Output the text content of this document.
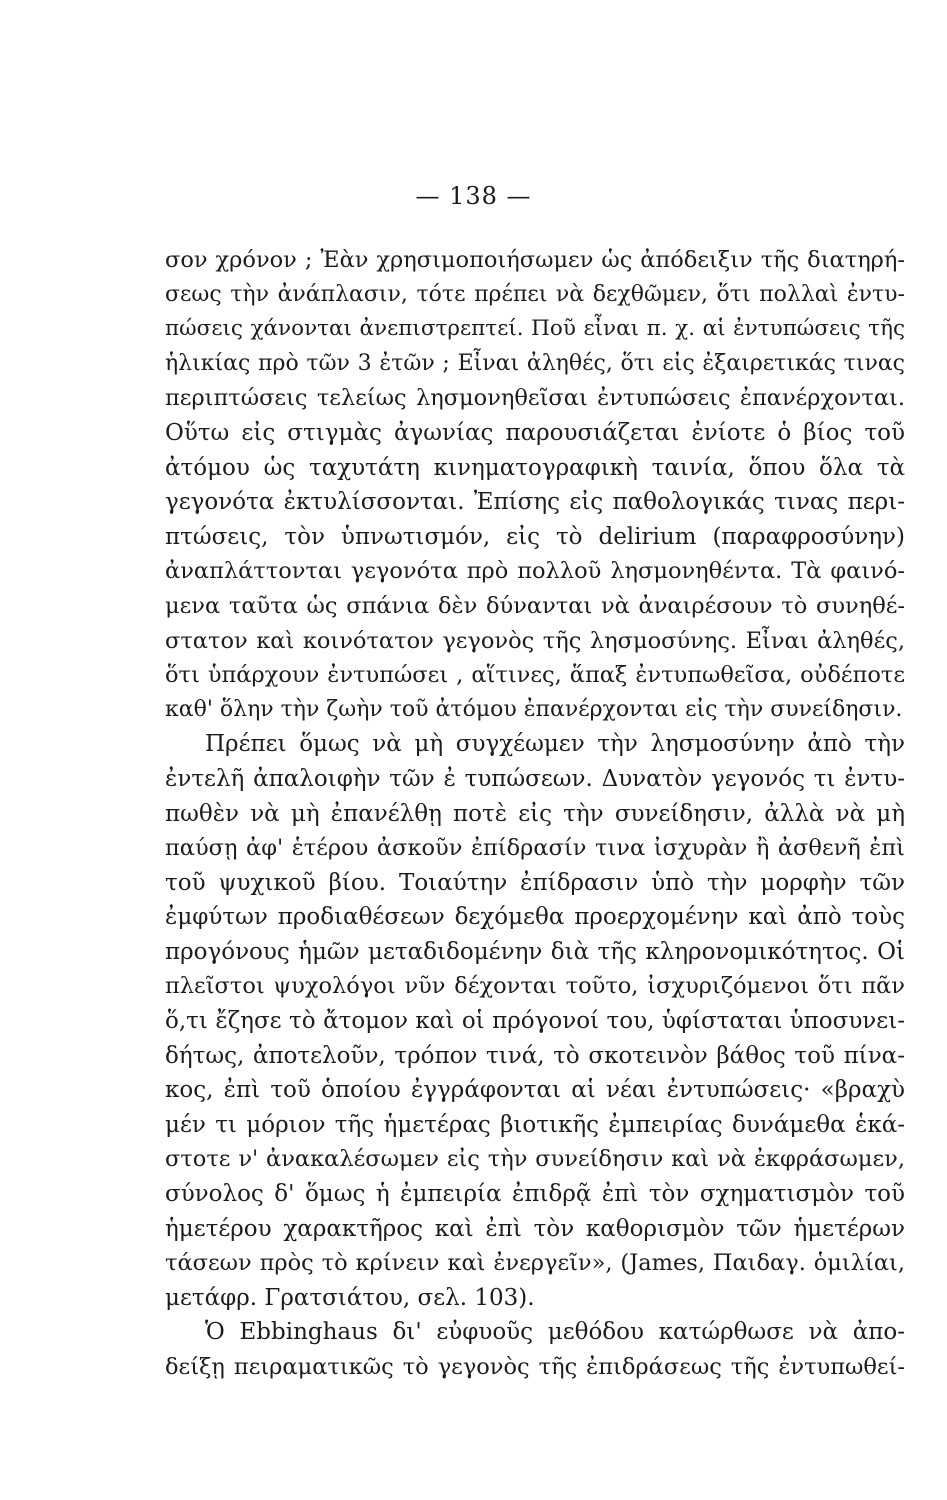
— 138 —
σον χρόνον ; Ἐὰν χρησιμοποιήσωμεν ὡς ἀπόδειξιν τῆς διατηρή-
σεως τὴν ἀνάπλασιν, τότε πρέπει νὰ δεχθῶμεν, ὅτι πολλαὶ ἐντυ-
πώσεις χάνονται ἀνεπιστρεπτεί. Ποῦ εἶναι π. χ. αἱ ἐντυπώσεις τῆς
ἡλικίας πρὸ τῶν 3 ἐτῶν ; Εἶναι ἀληθές, ὅτι εἰς ἐξαιρετικάς τινας
περιπτώσεις τελείως λησμονηθεῖσαι ἐντυπώσεις ἐπανέρχονται.
Οὕτω εἰς στιγμὰς ἀγωνίας παρουσιάζεται ἐνίοτε ὁ βίος τοῦ
ἀτόμου ὡς ταχυτάτη κινηματογραφικὴ ταινία, ὅπου ὅλα τὰ
γεγονότα ἐκτυλίσσονται. Ἐπίσης εἰς παθολογικάς τινας περι-
πτώσεις, τὸν ὑπνωτισμόν, εἰς τὸ delirium (παραφροσύνην)
ἀναπλάττονται γεγονότα πρὸ πολλοῦ λησμονηθέντα. Τὰ φαινό-
μενα ταῦτα ὡς σπάνια δὲν δύνανται νὰ ἀναιρέσουν τὸ συνηθέ-
στατον καὶ κοινότατον γεγονὸς τῆς λησμοσύνης. Εἶναι ἀληθές,
ὅτι ὑπάρχουν ἐντυπώσει , αἵτινες, ἅπαξ ἐντυπωθεῖσα, οὐδέποτε
καθ' ὅλην τὴν ζωὴν τοῦ ἀτόμου ἐπανέρχονται εἰς τὴν συνείδησιν.
Πρέπει ὅμως νὰ μὴ συγχέωμεν τὴν λησμοσύνην ἀπὸ τὴν
ἐντελῆ ἀπαλοιφὴν τῶν ἐ τυπώσεων. Δυνατὸν γεγονός τι ἐντυ-
πωθὲν νὰ μὴ ἐπανέλθῃ ποτὲ εἰς τὴν συνείδησιν, ἀλλὰ νὰ μὴ
παύσῃ ἀφ' ἑτέρου ἀσκοῦν ἐπίδρασίν τινα ἰσχυρὰν ἢ ἀσθενῆ ἐπὶ
τοῦ ψυχικοῦ βίου. Τοιαύτην ἐπίδρασιν ὑπὸ τὴν μορφὴν τῶν
ἐμφύτων προδιαθέσεων δεχόμεθα προερχομένην καὶ ἀπὸ τοὺς
προγόνους ἡμῶν μεταδιδομένην διὰ τῆς κληρονομικότητος. Οἱ
πλεῖστοι ψυχολόγοι νῦν δέχονται τοῦτο, ἰσχυριζόμενοι ὅτι πᾶν
ὅ,τι ἔζησε τὸ ἄτομον καὶ οἱ πρόγονοί του, ὑφίσταται ὑποσυνει-
δήτως, ἀποτελοῦν, τρόπον τινά, τὸ σκοτεινὸν βάθος τοῦ πίνα-
κος, ἐπὶ τοῦ ὁποίου ἐγγράφονται αἱ νέαι ἐντυπώσεις· «βραχὺ
μέν τι μόριον τῆς ἡμετέρας βιοτικῆς ἐμπειρίας δυνάμεθα ἑκά-
στοτε ν' ἀνακαλέσωμεν εἰς τὴν συνείδησιν καὶ νὰ ἐκφράσωμεν,
σύνολος δ' ὅμως ἡ ἐμπειρία ἐπιδρᾷ ἐπὶ τὸν σχηματισμὸν τοῦ
ἡμετέρου χαρακτῆρος καὶ ἐπὶ τὸν καθορισμὸν τῶν ἡμετέρων
τάσεων πρὸς τὸ κρίνειν καὶ ἐνεργεῖν», (James, Παιδαγ. ὁμιλίαι,
μετάφρ. Γρατσιάτου, σελ. 103).
Ὁ Ebbinghaus δι' εὐφυοῦς μεθόδου κατώρθωσε νὰ ἀπο-
δείξῃ πειραματικῶς τὸ γεγονὸς τῆς ἐπιδράσεως τῆς ἐντυπωθεί-
